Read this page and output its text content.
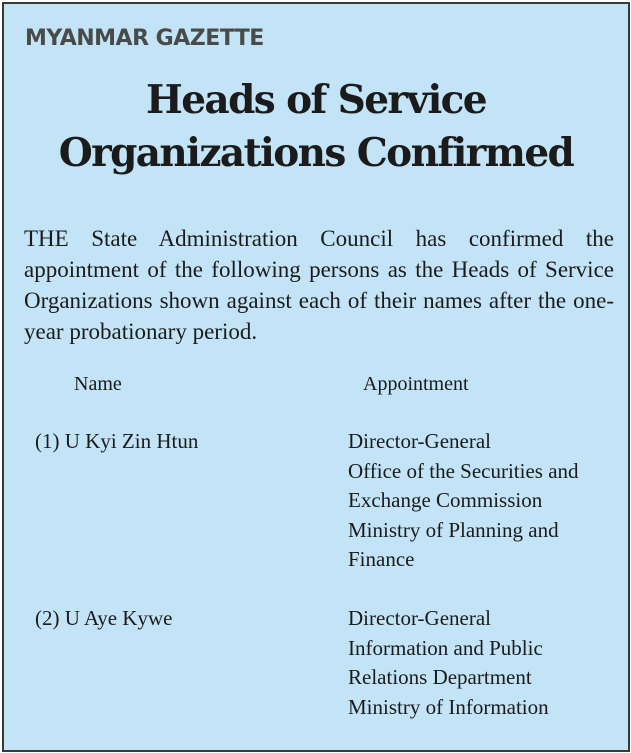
MYANMAR GAZETTE
Heads of Service
Organizations Confirmed

THE State Administration Council has confirmed the appointment of the following persons as the Heads of Service Organizations shown against each of their names after the one-year probationary period.

Name	Appointment
(1) U Kyi Zin Htun	Director-General
Office of the Securities and
Exchange Commission
Ministry of Planning and
Finance
(2) U Aye Kywe	Director-General
Information and Public
Relations Department
Ministry of Information
